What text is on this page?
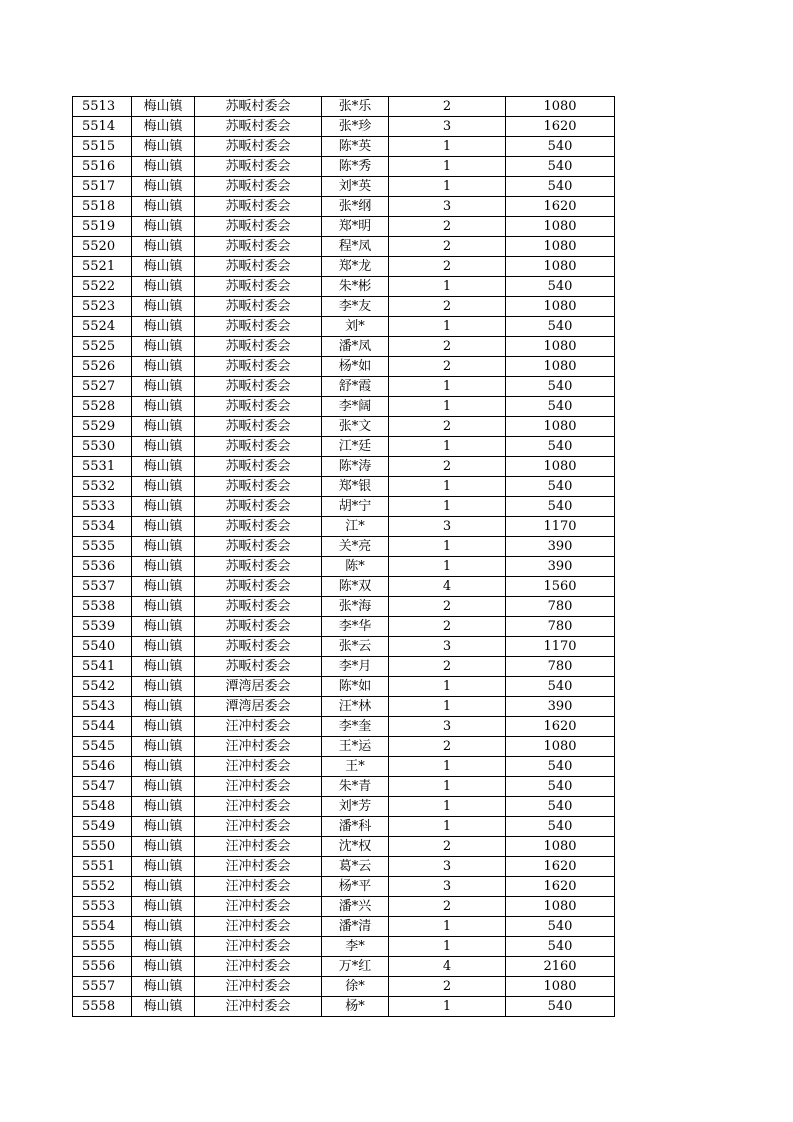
5513	梅山镇	苏畈村委会	张*乐	2	1080
5514	梅山镇	苏畈村委会	张*珍	3	1620
5515	梅山镇	苏畈村委会	陈*英	1	540
5516	梅山镇	苏畈村委会	陈*秀	1	540
5517	梅山镇	苏畈村委会	刘*英	1	540
5518	梅山镇	苏畈村委会	张*纲	3	1620
5519	梅山镇	苏畈村委会	郑*明	2	1080
5520	梅山镇	苏畈村委会	程*凤	2	1080
5521	梅山镇	苏畈村委会	郑*龙	2	1080
5522	梅山镇	苏畈村委会	朱*彬	1	540
5523	梅山镇	苏畈村委会	李*友	2	1080
5524	梅山镇	苏畈村委会	刘*	1	540
5525	梅山镇	苏畈村委会	潘*凤	2	1080
5526	梅山镇	苏畈村委会	杨*如	2	1080
5527	梅山镇	苏畈村委会	舒*霞	1	540
5528	梅山镇	苏畈村委会	李*阔	1	540
5529	梅山镇	苏畈村委会	张*文	2	1080
5530	梅山镇	苏畈村委会	江*廷	1	540
5531	梅山镇	苏畈村委会	陈*涛	2	1080
5532	梅山镇	苏畈村委会	郑*银	1	540
5533	梅山镇	苏畈村委会	胡*宁	1	540
5534	梅山镇	苏畈村委会	江*	3	1170
5535	梅山镇	苏畈村委会	关*亮	1	390
5536	梅山镇	苏畈村委会	陈*	1	390
5537	梅山镇	苏畈村委会	陈*双	4	1560
5538	梅山镇	苏畈村委会	张*海	2	780
5539	梅山镇	苏畈村委会	李*华	2	780
5540	梅山镇	苏畈村委会	张*云	3	1170
5541	梅山镇	苏畈村委会	李*月	2	780
5542	梅山镇	潭湾居委会	陈*如	1	540
5543	梅山镇	潭湾居委会	汪*林	1	390
5544	梅山镇	汪冲村委会	李*奎	3	1620
5545	梅山镇	汪冲村委会	王*运	2	1080
5546	梅山镇	汪冲村委会	王*	1	540
5547	梅山镇	汪冲村委会	朱*青	1	540
5548	梅山镇	汪冲村委会	刘*芳	1	540
5549	梅山镇	汪冲村委会	潘*科	1	540
5550	梅山镇	汪冲村委会	沈*权	2	1080
5551	梅山镇	汪冲村委会	葛*云	3	1620
5552	梅山镇	汪冲村委会	杨*平	3	1620
5553	梅山镇	汪冲村委会	潘*兴	2	1080
5554	梅山镇	汪冲村委会	潘*清	1	540
5555	梅山镇	汪冲村委会	李*	1	540
5556	梅山镇	汪冲村委会	万*红	4	2160
5557	梅山镇	汪冲村委会	徐*	2	1080
5558	梅山镇	汪冲村委会	杨*	1	540
